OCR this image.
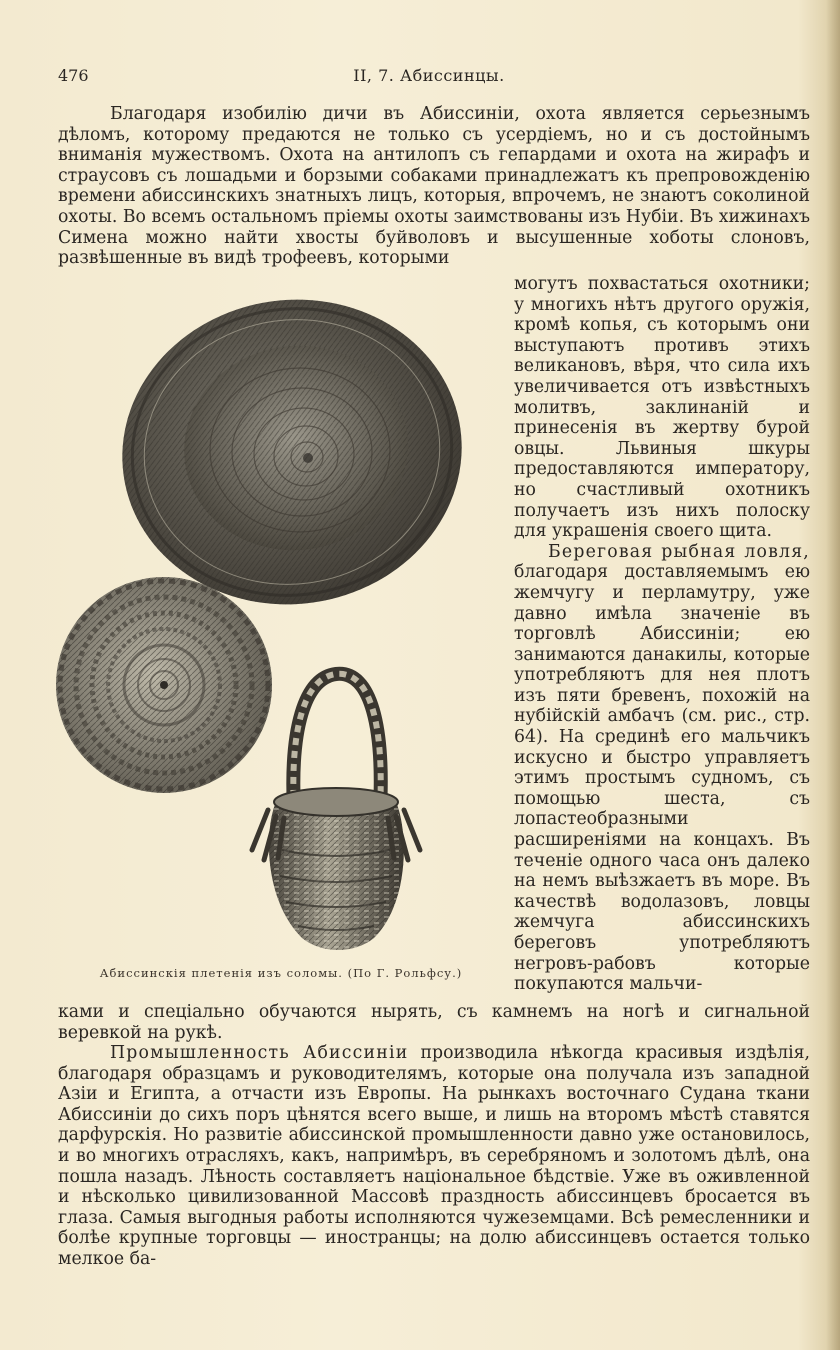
476	II, 7. Абиссинцы.

Благодаря изобилію дичи въ Абиссиніи, охота является серьезнымъ дѣломъ, которому предаются не только съ усердіемъ, но и съ достойнымъ вниманія мужествомъ. Охота на антилопъ съ гепардами и охота на жирафъ и страусовъ съ лошадьми и борзыми собаками принадлежатъ къ препровожденію времени абиссинскихъ знатныхъ лицъ, которыя, впрочемъ, не знаютъ соколиной охоты. Во всемъ остальномъ пріемы охоты заимствованы изъ Нубіи. Въ хижинахъ Симена можно найти хвосты буйволовъ и высушенные хоботы слоновъ, развѣшенные въ видѣ трофеевъ, которыми

могутъ похвастаться охотники; у многихъ нѣтъ другого оружія, кромѣ копья, съ которымъ они выступаютъ противъ этихъ великановъ, вѣря, что сила ихъ увеличивается отъ извѣстныхъ молитвъ, заклинаній и принесенія въ жертву бурой овцы. Львиныя шкуры предоставляются императору, но счастливый охотникъ получаетъ изъ нихъ полоску для украшенія своего щита.

Береговая рыбная ловля, благодаря доставляемымъ ею жемчугу и перламутру, уже давно имѣла значеніе въ торговлѣ Абиссиніи; ею занимаются данакилы, которые употребляютъ для нея плотъ изъ пяти бревенъ, похожій на нубійскій амбачъ (см. рис., стр. 64). На срединѣ его мальчикъ искусно и быстро управляетъ этимъ простымъ судномъ, съ помощью шеста, съ лопастеобразными расширеніями на концахъ. Въ теченіе одного часа онъ далеко на немъ выѣзжаетъ въ море. Въ качествѣ водолазовъ, ловцы жемчуга абиссинскихъ береговъ употребляютъ негровъ-рабовъ которые покупаются мальчи-

Абиссинскія плетенія изъ соломы. (По Г. Рольфсу.)

ками и спеціально обучаются нырять, съ камнемъ на ногѣ и сигнальной веревкой на рукѣ.

Промышленность Абиссиніи производила нѣкогда красивыя издѣлія, благодаря образцамъ и руководителямъ, которые она получала изъ западной Азіи и Египта, а отчасти изъ Европы. На рынкахъ восточнаго Судана ткани Абиссиніи до сихъ поръ цѣнятся всего выше, и лишь на второмъ мѣстѣ ставятся дарфурскія. Но развитіе абиссинской промышленности давно уже остановилось, и во многихъ отрасляхъ, какъ, напримѣръ, въ серебряномъ и золотомъ дѣлѣ, она пошла назадъ. Лѣность составляетъ національное бѣдствіе. Уже въ оживленной и нѣсколько цивилизованной Массовѣ праздность абиссинцевъ бросается въ глаза. Самыя выгодныя работы исполняются чужеземцами. Всѣ ремесленники и болѣе крупные торговцы — иностранцы; на долю абиссинцевъ остается только мелкое ба-
